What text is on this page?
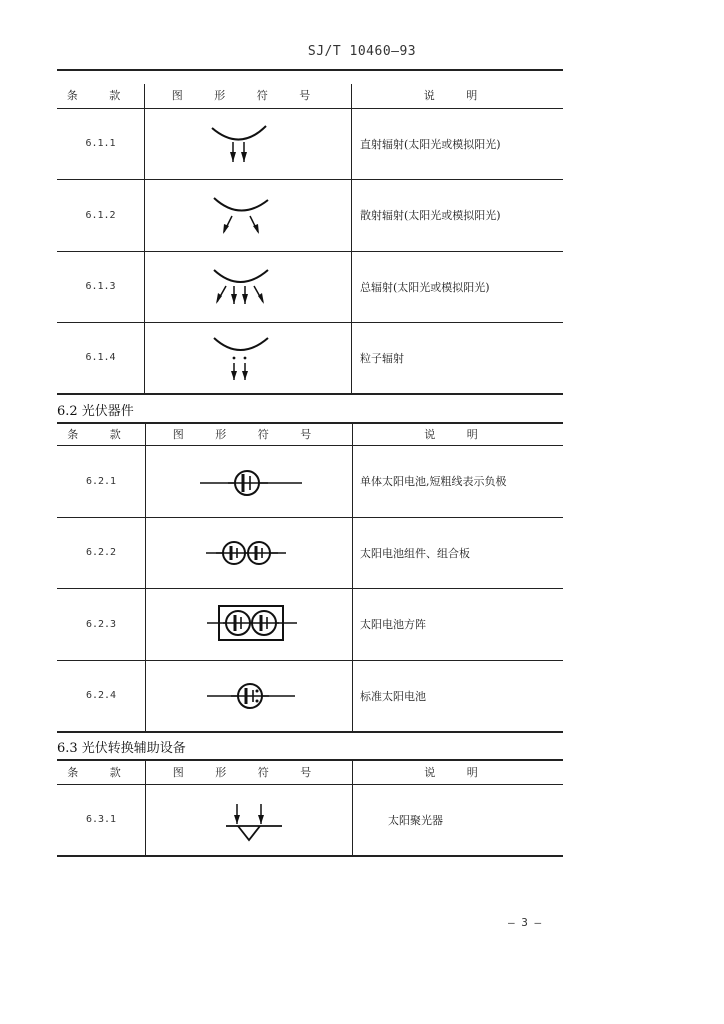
SJ/T 10460—93
条 款	图 形 符 号	说 明
6.1.1	直射辐射(太阳光或模拟阳光)
6.1.2	散射辐射(太阳光或模拟阳光)
6.1.3	总辐射(太阳光或模拟阳光)
6.1.4	粒子辐射
6.2 光伏器件
条 款	图 形 符 号	说 明
6.2.1	单体太阳电池,短粗线表示负极
6.2.2	太阳电池组件、组合板
6.2.3	太阳电池方阵
6.2.4	标准太阳电池
6.3 光伏转换辅助设备
条 款	图 形 符 号	说 明
6.3.1	太阳聚光器
— 3 —
